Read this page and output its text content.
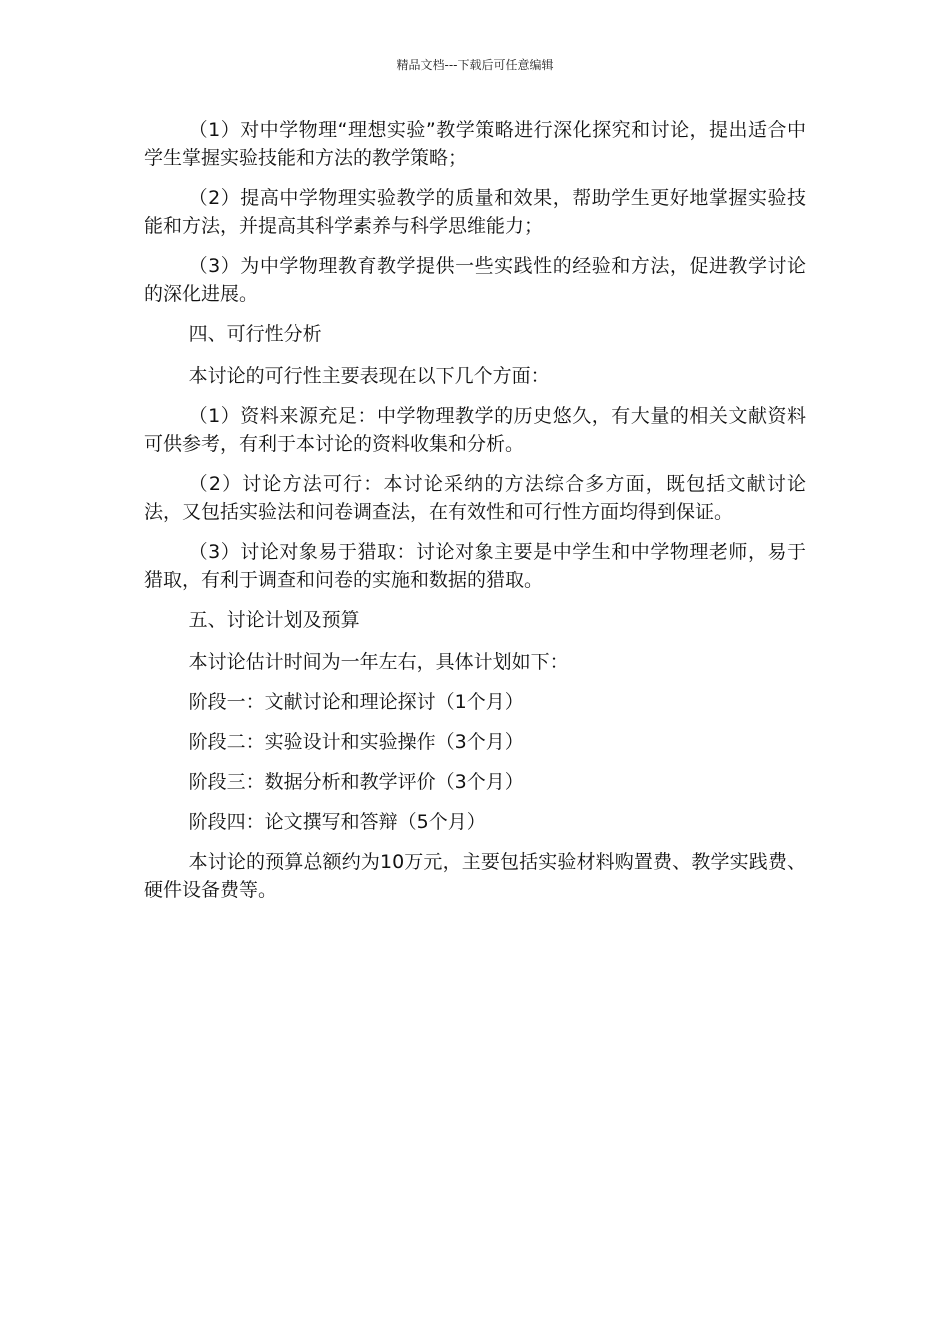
精品文档---下载后可任意编辑

（1）对中学物理“理想实验”教学策略进行深化探究和讨论，提出适合中学生掌握实验技能和方法的教学策略；

（2）提高中学物理实验教学的质量和效果，帮助学生更好地掌握实验技能和方法，并提高其科学素养与科学思维能力；

（3）为中学物理教育教学提供一些实践性的经验和方法，促进教学讨论的深化进展。

四、可行性分析

本讨论的可行性主要表现在以下几个方面：

（1）资料来源充足：中学物理教学的历史悠久，有大量的相关文献资料可供参考，有利于本讨论的资料收集和分析。

（2）讨论方法可行：本讨论采纳的方法综合多方面，既包括文献讨论法，又包括实验法和问卷调查法，在有效性和可行性方面均得到保证。

（3）讨论对象易于猎取：讨论对象主要是中学生和中学物理老师，易于猎取，有利于调查和问卷的实施和数据的猎取。

五、讨论计划及预算

本讨论估计时间为一年左右，具体计划如下：

阶段一：文献讨论和理论探讨（1个月）

阶段二：实验设计和实验操作（3个月）

阶段三：数据分析和教学评价（3个月）

阶段四：论文撰写和答辩（5个月）

本讨论的预算总额约为10万元，主要包括实验材料购置费、教学实践费、硬件设备费等。
